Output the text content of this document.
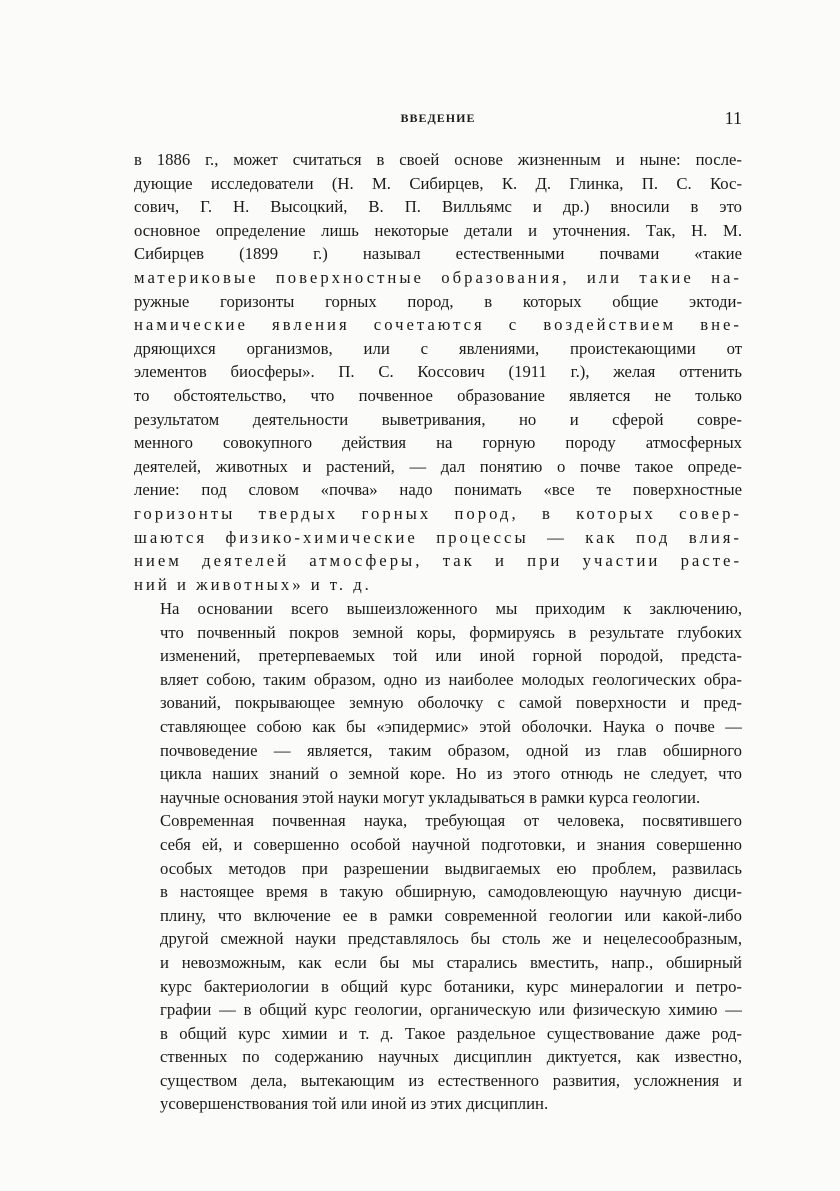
ВВЕДЕНИЕ	11
в 1886 г., может считаться в своей основе жизненным и ныне: после-
дующие исследователи (Н. М. Сибирцев, К. Д. Глинка, П. С. Кос-
сович, Г. Н. Высоцкий, В. П. Вилльямс и др.) вносили в это
основное определение лишь некоторые детали и уточнения. Так, Н. М.
Сибирцев (1899 г.) называл естественными почвами «такие
материковые поверхностные образования, или такие на-
ружные горизонты горных пород, в которых общие эктоди-
намические явления сочетаются с воздействием вне-
дряющихся организмов, или с явлениями, проистекающими от
элементов биосферы». П. С. Коссович (1911 г.), желая оттенить
то обстоятельство, что почвенное образование является не только
результатом деятельности выветривания, но и сферой совре-
менного совокупного действия на горную породу атмосферных
деятелей, животных и растений, — дал понятию о почве такое опреде-
ление: под словом «почва» надо понимать «все те поверхностные
горизонты твердых горных пород, в которых совер-
шаются физико-химические процессы — как под влия-
нием деятелей атмосферы, так и при участии расте-
ний и животных» и т. д.

На основании всего вышеизложенного мы приходим к заключению,
что почвенный покров земной коры, формируясь в результате глубоких
изменений, претерпеваемых той или иной горной породой, предста-
вляет собою, таким образом, одно из наиболее молодых геологических обра-
зований, покрывающее земную оболочку с самой поверхности и пред-
ставляющее собою как бы «эпидермис» этой оболочки. Наука о почве —
почвоведение — является, таким образом, одной из глав обширного
цикла наших знаний о земной коре. Но из этого отнюдь не следует, что
научные основания этой науки могут укладываться в рамки курса геологии.

Современная почвенная наука, требующая от человека, посвятившего
себя ей, и совершенно особой научной подготовки, и знания совершенно
особых методов при разрешении выдвигаемых ею проблем, развилась
в настоящее время в такую обширную, самодовлеющую научную дисци-
плину, что включение ее в рамки современной геологии или какой-либо
другой смежной науки представлялось бы столь же и нецелесообразным,
и невозможным, как если бы мы старались вместить, напр., обширный
курс бактериологии в общий курс ботаники, курс минералогии и петро-
графии — в общий курс геологии, органическую или физическую химию —
в общий курс химии и т. д. Такое раздельное существование даже род-
ственных по содержанию научных дисциплин диктуется, как известно,
существом дела, вытекающим из естественного развития, усложнения и
усовершенствования той или иной из этих дисциплин.
